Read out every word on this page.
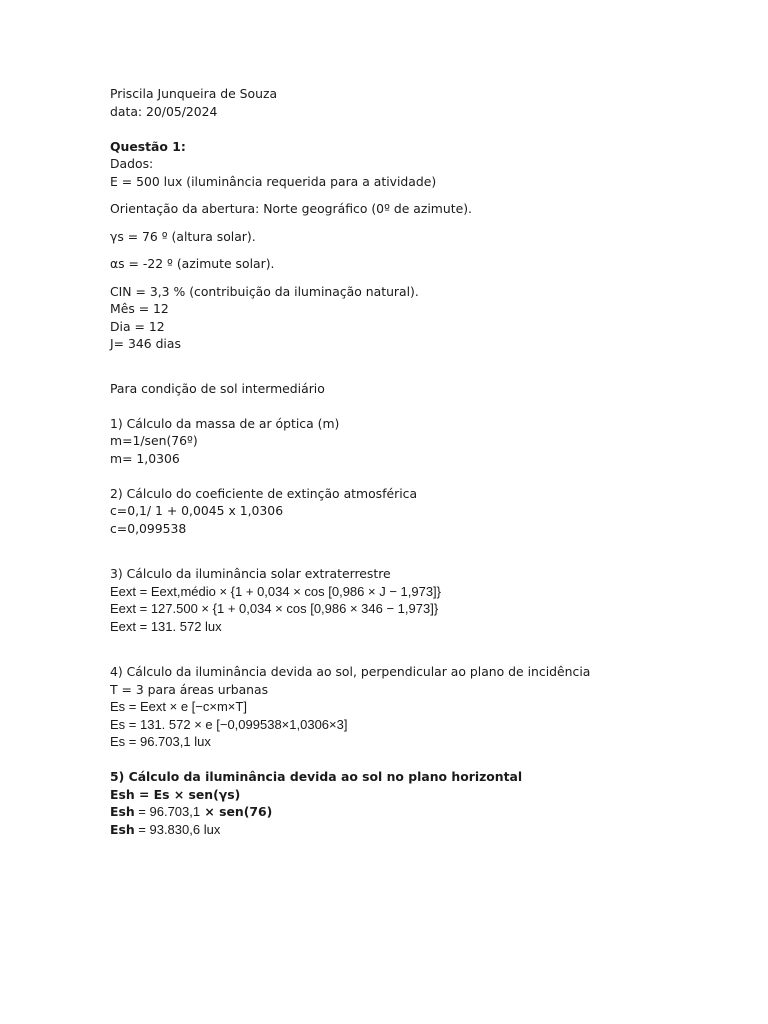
Priscila Junqueira de Souza
data: 20/05/2024
Questão 1:
Dados:
E = 500 lux (iluminância requerida para a atividade)
Orientação da abertura: Norte geográfico (0º de azimute).
γs = 76 º (altura solar).
αs = -22 º (azimute solar).
CIN = 3,3 % (contribuição da iluminação natural).
Mês = 12
Dia = 12
J= 346 dias
Para condição de sol intermediário
1) Cálculo da massa de ar óptica (m)
m=1/sen(76º)
m= 1,0306
2) Cálculo do coeficiente de extinção atmosférica
c=0,1/ 1 + 0,0045 x 1,0306
c=0,099538
3) Cálculo da iluminância solar extraterrestre
Eext = Eext,médio × {1 + 0,034 × cos [0,986 × J − 1,973]}
Eext = 127.500 × {1 + 0,034 × cos [0,986 × 346 − 1,973]}
Eext = 131. 572 lux
4) Cálculo da iluminância devida ao sol, perpendicular ao plano de incidência
T = 3 para áreas urbanas
Es = Eext × e [−c×m×T]
Es = 131. 572 × e [−0,099538×1,0306×3]
Es = 96.703,1 lux
5) Cálculo da iluminância devida ao sol no plano horizontal
Esh = Es × sen(γs)
Esh = 96.703,1 × sen(76)
Esh = 93.830,6 lux
